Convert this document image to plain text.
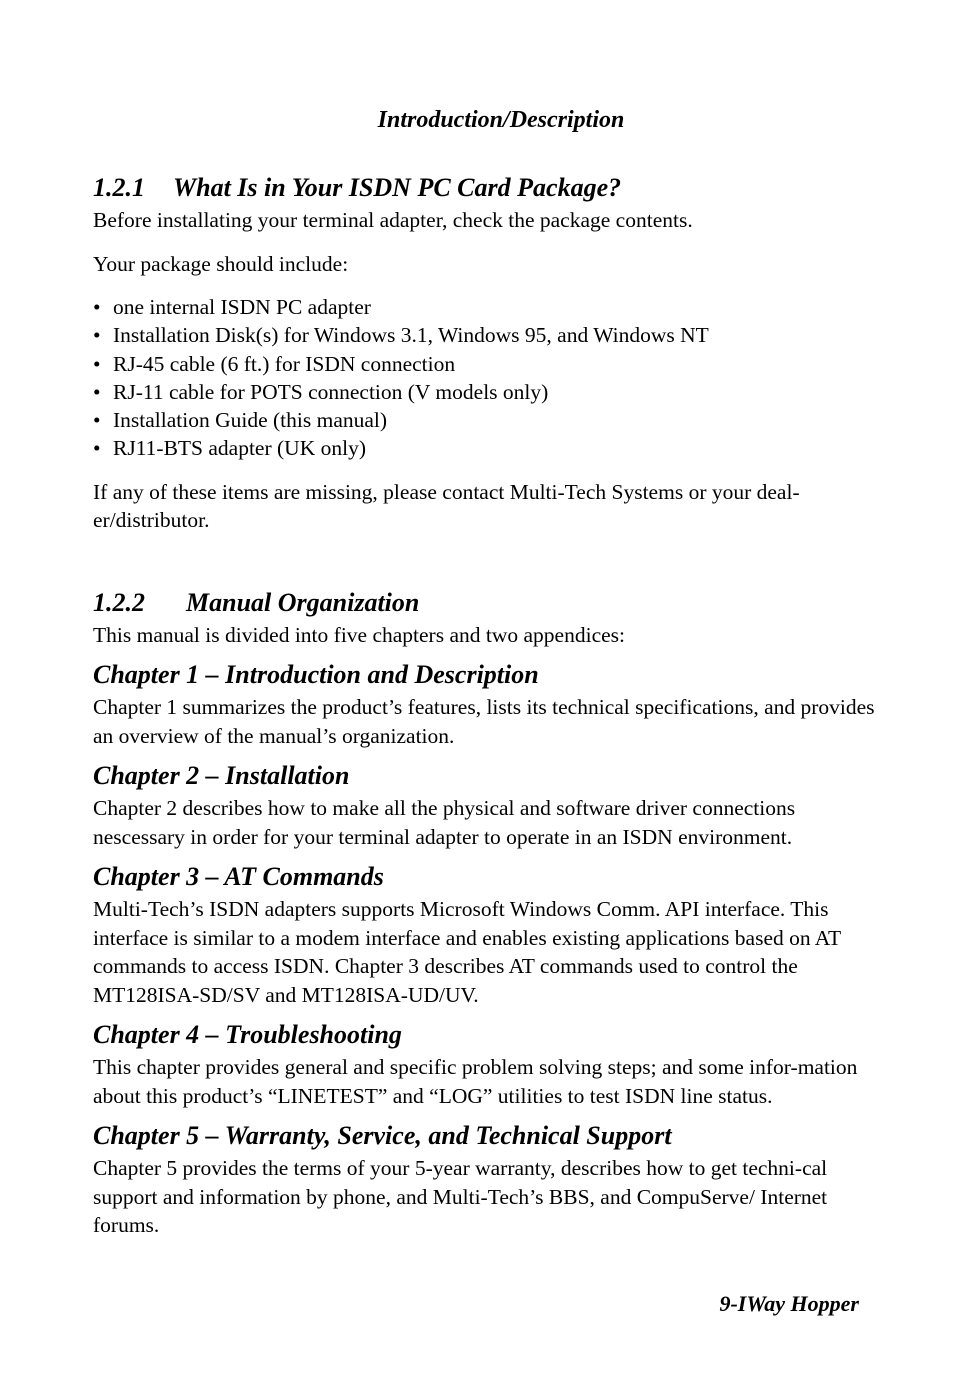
Introduction/Description
1.2.1 What Is in Your ISDN PC Card Package?

Before installating your terminal adapter, check the package contents.

Your package should include:

• one internal ISDN PC adapter
• Installation Disk(s) for Windows 3.1, Windows 95, and Windows NT
• RJ-45 cable (6 ft.) for ISDN connection
• RJ-11 cable for POTS connection (V models only)
• Installation Guide (this manual)
• RJ11-BTS adapter (UK only)

If any of these items are missing, please contact Multi-Tech Systems or your deal-er/distributor.

1.2.2 Manual Organization

This manual is divided into five chapters and two appendices:

Chapter 1 – Introduction and Description

Chapter 1 summarizes the product’s features, lists its technical specifications, and provides an overview of the manual’s organization.

Chapter 2 – Installation

Chapter 2 describes how to make all the physical and software driver connections nescessary in order for your terminal adapter to operate in an ISDN environment.

Chapter 3 – AT Commands

Multi-Tech’s ISDN adapters supports Microsoft Windows Comm. API interface. This interface is similar to a modem interface and enables existing applications based on AT commands to access ISDN. Chapter 3 describes AT commands used to control the MT128ISA-SD/SV and MT128ISA-UD/UV.

Chapter 4 – Troubleshooting

This chapter provides general and specific problem solving steps; and some infor-mation about this product’s “LINETEST” and “LOG” utilities to test ISDN line status.

Chapter 5 – Warranty, Service, and Technical Support

Chapter 5 provides the terms of your 5-year warranty, describes how to get techni-cal support and information by phone, and Multi-Tech’s BBS, and CompuServe/ Internet forums.

9-IWay Hopper
